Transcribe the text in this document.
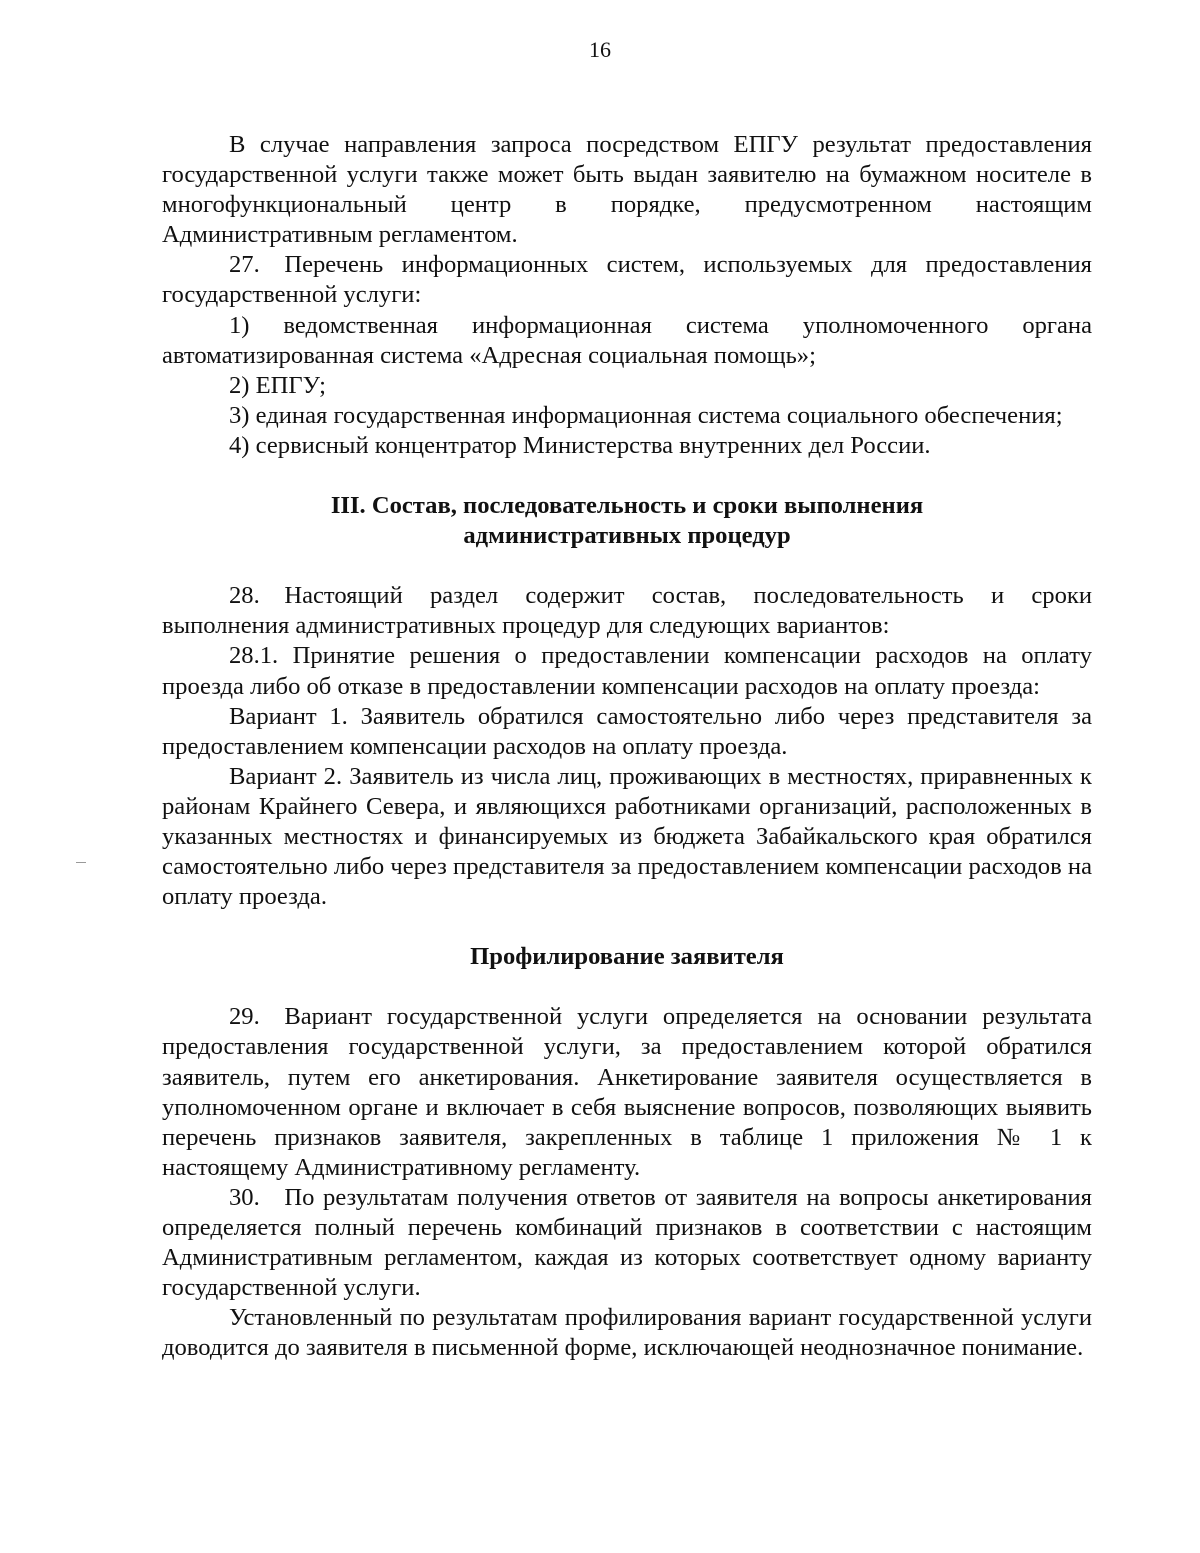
16

В случае направления запроса посредством ЕПГУ результат предоставления государственной услуги также может быть выдан заявителю на бумажном носителе в многофункциональный центр в порядке, предусмотренном настоящим Административным регламентом.

27. Перечень информационных систем, используемых для предоставления государственной услуги:

1) ведомственная информационная система уполномоченного органа автоматизированная система «Адресная социальная помощь»;

2) ЕПГУ;

3) единая государственная информационная система социального обеспечения;

4) сервисный концентратор Министерства внутренних дел России.

III. Состав, последовательность и сроки выполнения
административных процедур

28. Настоящий раздел содержит состав, последовательность и сроки выполнения административных процедур для следующих вариантов:

28.1. Принятие решения о предоставлении компенсации расходов на оплату проезда либо об отказе в предоставлении компенсации расходов на оплату проезда:

Вариант 1. Заявитель обратился самостоятельно либо через представителя за предоставлением компенсации расходов на оплату проезда.

Вариант 2. Заявитель из числа лиц, проживающих в местностях, приравненных к районам Крайнего Севера, и являющихся работниками организаций, расположенных в указанных местностях и финансируемых из бюджета Забайкальского края обратился самостоятельно либо через представителя за предоставлением компенсации расходов на оплату проезда.

Профилирование заявителя

29. Вариант государственной услуги определяется на основании результата предоставления государственной услуги, за предоставлением которой обратился заявитель, путем его анкетирования. Анкетирование заявителя осуществляется в уполномоченном органе и включает в себя выяснение вопросов, позволяющих выявить перечень признаков заявителя, закрепленных в таблице 1 приложения № 1 к настоящему Административному регламенту.

30. По результатам получения ответов от заявителя на вопросы анкетирования определяется полный перечень комбинаций признаков в соответствии с настоящим Административным регламентом, каждая из которых соответствует одному варианту государственной услуги.

Установленный по результатам профилирования вариант государственной услуги доводится до заявителя в письменной форме, исключающей неоднозначное понимание.
